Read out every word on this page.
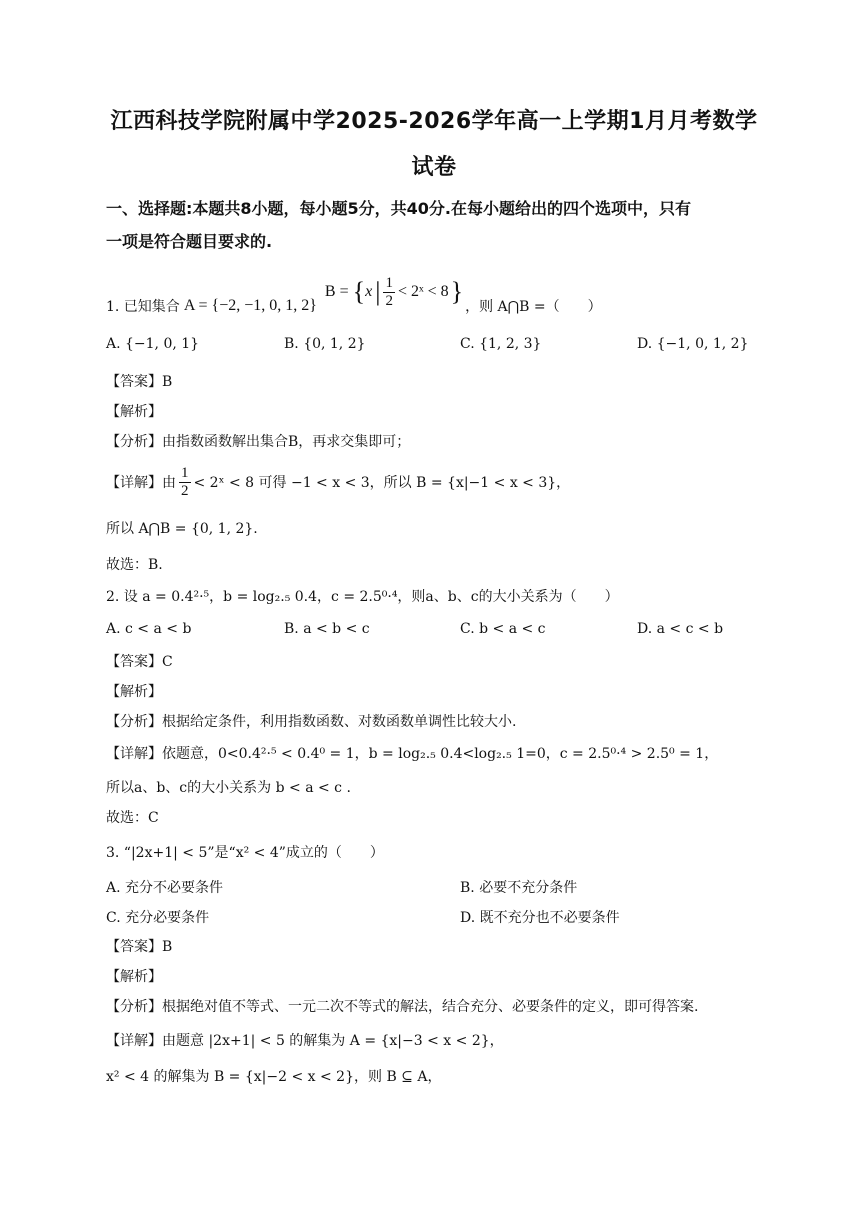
江西科技学院附属中学2025-2026学年高一上学期1月月考数学
试卷
一、选择题:本题共8小题，每小题5分，共40分.在每小题给出的四个选项中，只有
一项是符合题目要求的.
1. 已知集合 A = {−2, −1, 0, 1, 2}
B = { x | $\frac{1}{2}$ < 2ˣ < 8 }
，则 A⋂B =（　　）
A. {−1, 0, 1}	B. {0, 1, 2}	C. {1, 2, 3}	D. {−1, 0, 1, 2}
【答案】B
【解析】
【分析】由指数函数解出集合B，再求交集即可；
【详解】由 $\frac{1}{2}$ < 2ˣ < 8 可得 −1 < x < 3，所以 B = {x|−1 < x < 3}，
所以 A⋂B = {0, 1, 2}.
故选：B.
2. 设 a = 0.4²·⁵，b = log₂.₅ 0.4，c = 2.5⁰·⁴，则a、b、c的大小关系为（　　）
A. c < a < b	B. a < b < c	C. b < a < c	D. a < c < b
【答案】C
【解析】
【分析】根据给定条件，利用指数函数、对数函数单调性比较大小.
【详解】依题意，0<0.4²·⁵ < 0.4⁰ = 1，b = log₂.₅ 0.4<log₂.₅ 1=0，c = 2.5⁰·⁴ > 2.5⁰ = 1，
所以a、b、c的大小关系为 b < a < c .
故选：C
3. “|2x+1| < 5”是“x² < 4”成立的（　　）
A. 充分不必要条件	B. 必要不充分条件
C. 充分必要条件	D. 既不充分也不必要条件
【答案】B
【解析】
【分析】根据绝对值不等式、一元二次不等式的解法，结合充分、必要条件的定义，即可得答案.
【详解】由题意 |2x+1| < 5 的解集为 A = {x|−3 < x < 2}，
x² < 4 的解集为 B = {x|−2 < x < 2}，则 B ⊆ A，
